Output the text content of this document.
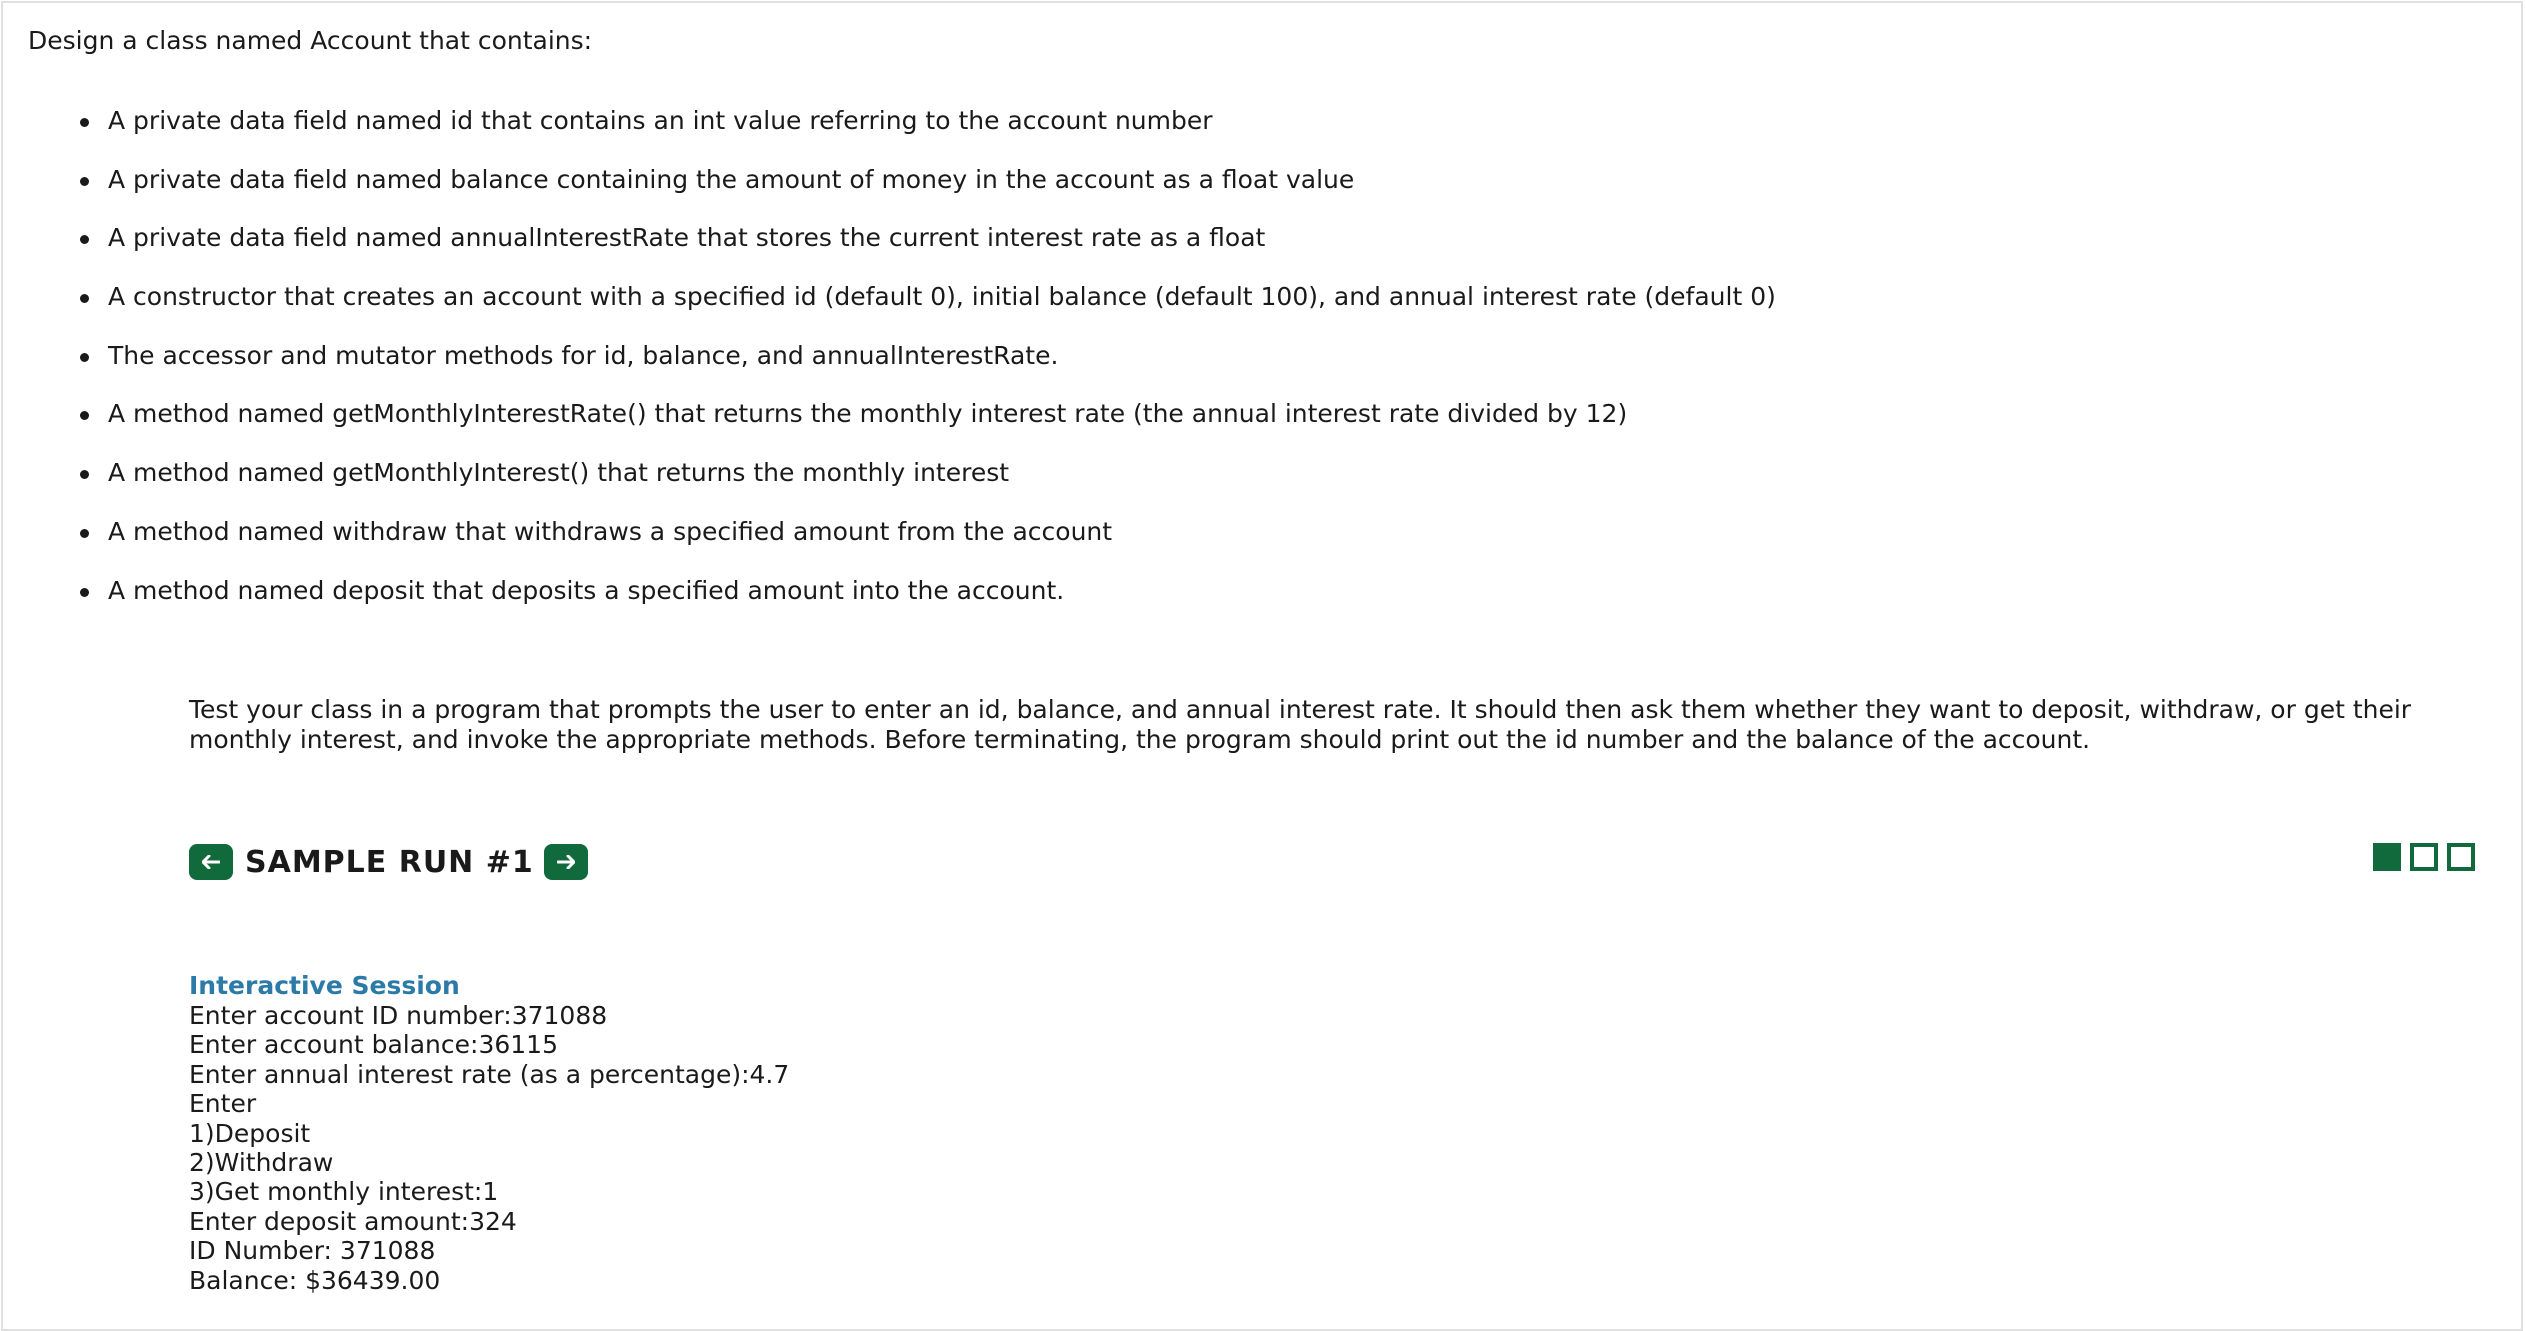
Design a class named Account that contains:

A private data field named id that contains an int value referring to the account number
A private data field named balance containing the amount of money in the account as a float value
A private data field named annualInterestRate that stores the current interest rate as a float
A constructor that creates an account with a specified id (default 0), initial balance (default 100), and annual interest rate (default 0)
The accessor and mutator methods for id, balance, and annualInterestRate.
A method named getMonthlyInterestRate() that returns the monthly interest rate (the annual interest rate divided by 12)
A method named getMonthlyInterest() that returns the monthly interest
A method named withdraw that withdraws a specified amount from the account
A method named deposit that deposits a specified amount into the account.

Test your class in a program that prompts the user to enter an id, balance, and annual interest rate. It should then ask them whether they want to deposit, withdraw, or get their monthly interest, and invoke the appropriate methods. Before terminating, the program should print out the id number and the balance of the account.

SAMPLE RUN #1

Interactive Session

Enter account ID number:371088
Enter account balance:36115
Enter annual interest rate (as a percentage):4.7
Enter
1)Deposit
2)Withdraw
3)Get monthly interest:1
Enter deposit amount:324
ID Number: 371088
Balance: $36439.00
